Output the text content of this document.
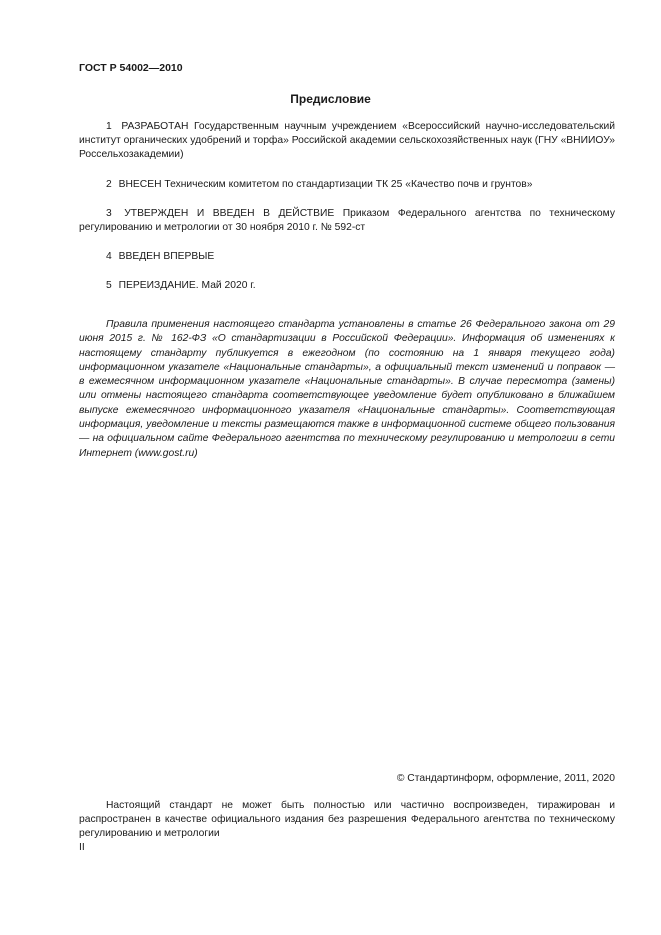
ГОСТ Р 54002—2010
Предисловие

1 РАЗРАБОТАН Государственным научным учреждением «Всероссийский научно-исследовательский институт органических удобрений и торфа» Российской академии сельскохозяйственных наук (ГНУ «ВНИИОУ» Россельхозакадемии)

2 ВНЕСЕН Техническим комитетом по стандартизации ТК 25 «Качество почв и грунтов»

3 УТВЕРЖДЕН И ВВЕДЕН В ДЕЙСТВИЕ Приказом Федерального агентства по техническому регулированию и метрологии от 30 ноября 2010 г. № 592-ст

4 ВВЕДЕН ВПЕРВЫЕ

5 ПЕРЕИЗДАНИЕ. Май 2020 г.

Правила применения настоящего стандарта установлены в статье 26 Федерального закона от 29 июня 2015 г. № 162-ФЗ «О стандартизации в Российской Федерации». Информация об изменениях к настоящему стандарту публикуется в ежегодном (по состоянию на 1 января текущего года) информационном указателе «Национальные стандарты», а официальный текст изменений и поправок — в ежемесячном информационном указателе «Национальные стандарты». В случае пересмотра (замены) или отмены настоящего стандарта соответствующее уведомление будет опубликовано в ближайшем выпуске ежемесячного информационного указателя «Национальные стандарты». Соответствующая информация, уведомление и тексты размещаются также в информационной системе общего пользования — на официальном сайте Федерального агентства по техническому регулированию и метрологии в сети Интернет (www.gost.ru)

© Стандартинформ, оформление, 2011, 2020

Настоящий стандарт не может быть полностью или частично воспроизведен, тиражирован и распространен в качестве официального издания без разрешения Федерального агентства по техническому регулированию и метрологии

II
